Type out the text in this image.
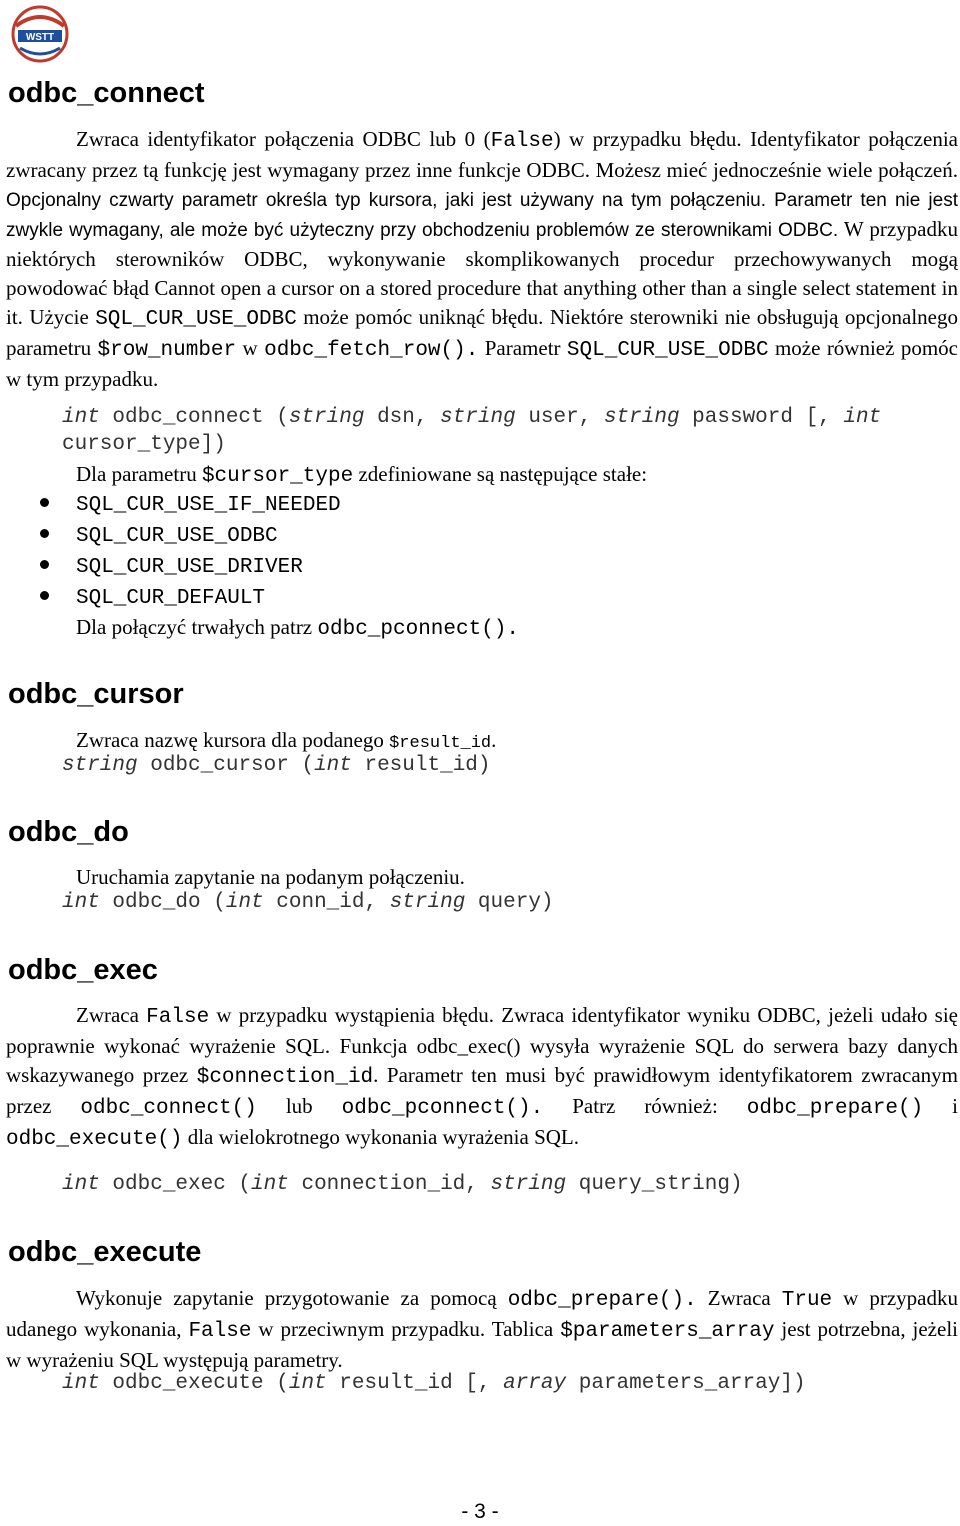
WSTT
odbc_connect
Zwraca identyfikator połączenia ODBC lub 0 (False) w przypadku błędu. Identyfikator połączenia zwracany przez tą funkcję jest wymagany przez inne funkcje ODBC. Możesz mieć jednocześnie wiele połączeń. Opcjonalny czwarty parametr określa typ kursora, jaki jest używany na tym połączeniu. Parametr ten nie jest zwykle wymagany, ale może być użyteczny przy obchodzeniu problemów ze sterownikami ODBC. W przypadku niektórych sterowników ODBC, wykonywanie skomplikowanych procedur przechowywanych mogą powodować błąd Cannot open a cursor on a stored procedure that anything other than a single select statement in it. Użycie SQL_CUR_USE_ODBC może pomóc uniknąć błędu. Niektóre sterowniki nie obsługują opcjonalnego parametru $row_number w odbc_fetch_row(). Parametr SQL_CUR_USE_ODBC może również pomóc w tym przypadku.
int odbc_connect (string dsn, string user, string password [, int cursor_type])
Dla parametru $cursor_type zdefiniowane są następujące stałe:
SQL_CUR_USE_IF_NEEDED
SQL_CUR_USE_ODBC
SQL_CUR_USE_DRIVER
SQL_CUR_DEFAULT
Dla połączyć trwałych patrz odbc_pconnect().
odbc_cursor
Zwraca nazwę kursora dla podanego $result_id.
string odbc_cursor (int result_id)
odbc_do
Uruchamia zapytanie na podanym połączeniu.
int odbc_do (int conn_id, string query)
odbc_exec
Zwraca False w przypadku wystąpienia błędu. Zwraca identyfikator wyniku ODBC, jeżeli udało się poprawnie wykonać wyrażenie SQL. Funkcja odbc_exec() wysyła wyrażenie SQL do serwera bazy danych wskazywanego przez $connection_id. Parametr ten musi być prawidłowym identyfikatorem zwracanym przez odbc_connect() lub odbc_pconnect(). Patrz również: odbc_prepare() i odbc_execute() dla wielokrotnego wykonania wyrażenia SQL.
int odbc_exec (int connection_id, string query_string)
odbc_execute
Wykonuje zapytanie przygotowanie za pomocą odbc_prepare(). Zwraca True w przypadku udanego wykonania, False w przeciwnym przypadku. Tablica $parameters_array jest potrzebna, jeżeli w wyrażeniu SQL występują parametry.
int odbc_execute (int result_id [, array parameters_array])
- 3 -
